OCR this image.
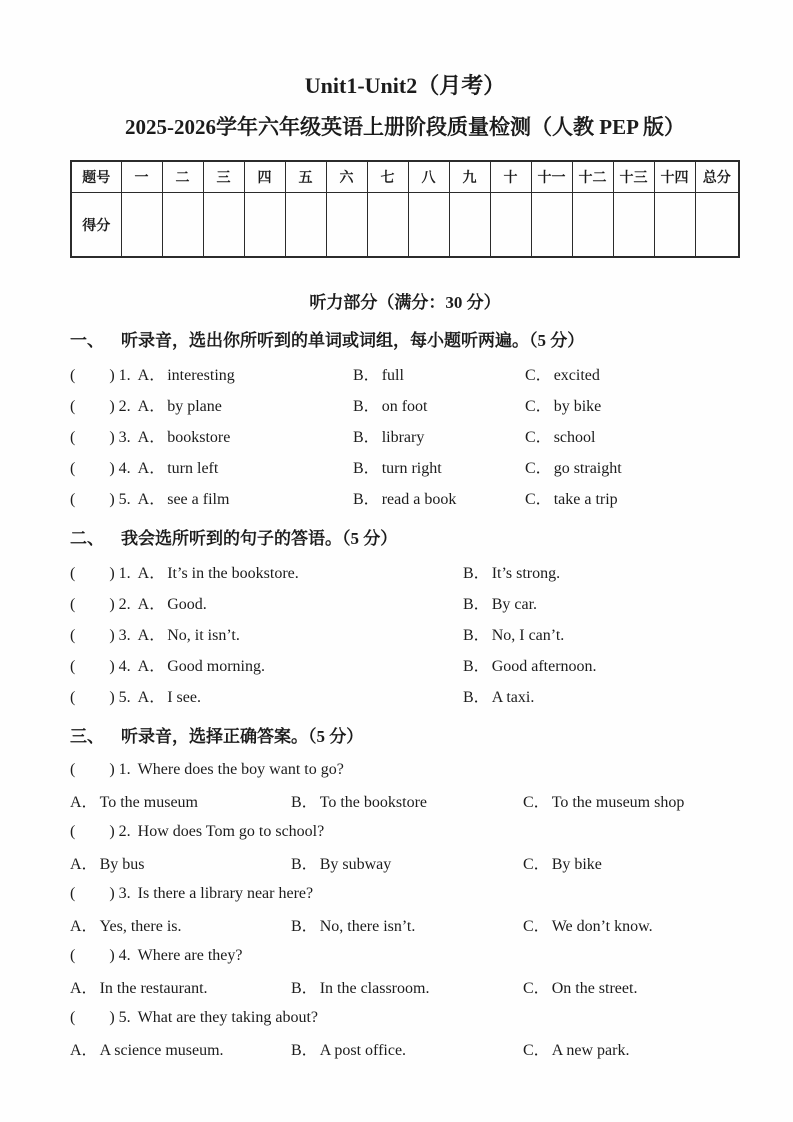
Unit1-Unit2（月考）
2025-2026学年六年级英语上册阶段质量检测（人教 PEP 版）
题号	一	二	三	四	五	六	七	八	九	十	十一	十二	十三	十四	总分
得分															
听力部分（满分：30 分）
一、 听录音，选出你所听到的单词或词组，每小题听两遍。（5 分）
( ) 1. A． interesting	B． full	C． excited
( ) 2. A． by plane	B． on foot	C． by bike
( ) 3. A． bookstore	B． library	C． school
( ) 4. A． turn left	B． turn right	C． go straight
( ) 5. A． see a film	B． read a book	C． take a trip
二、 我会选所听到的句子的答语。（5 分）
( ) 1. A． It’s in the bookstore.	B． It’s strong.
( ) 2. A． Good.	B． By car.
( ) 3. A． No, it isn’t.	B． No, I can’t.
( ) 4. A． Good morning.	B． Good afternoon.
( ) 5. A． I see.	B． A taxi.
三、 听录音，选择正确答案。（5 分）
( ) 1. Where does the boy want to go?
A． To the museum	B． To the bookstore	C． To the museum shop
( ) 2. How does Tom go to school?
A． By bus	B． By subway	C． By bike
( ) 3. Is there a library near here?
A． Yes, there is.	B． No, there isn’t.	C． We don’t know.
( ) 4. Where are they?
A． In the restaurant.	B． In the classroom.	C． On the street.
( ) 5. What are they taking about?
A． A science museum.	B． A post office.	C． A new park.
